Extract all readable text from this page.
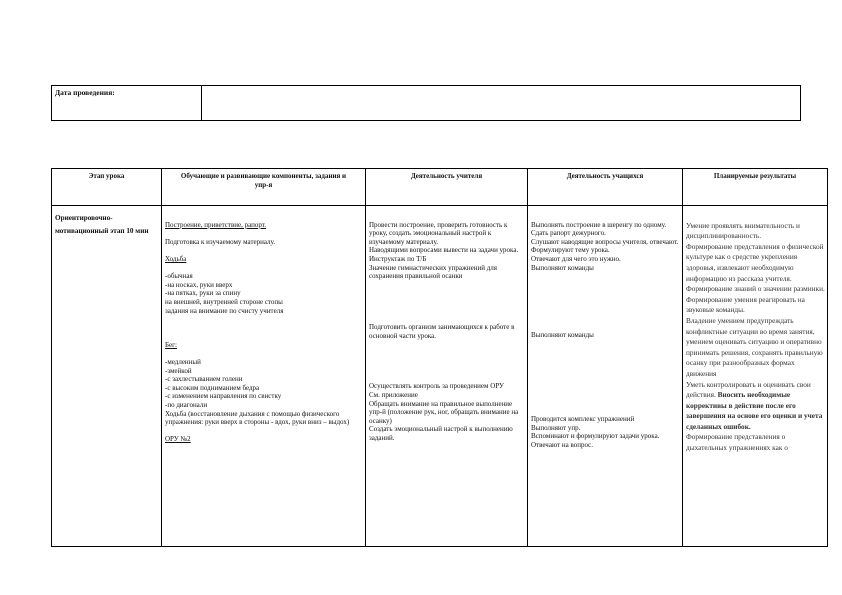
Дата проведения:
Этап урока
Ориентировочно-мотивационный этап 10 мин
Обучающие и развивающие компоненты, задания и упр-я

Построение, приветствие, рапорт.

Подготовка к изучаемому материалу.

Ходьба

-обычная
-на носках, руки вверх
-на пятках, руки за спину
на внешней, внутренней стороне стопы
задания на внимание по счисту учителя

Бег:

-медленный
-змейкой
-с захлестыванием голени
-с высоким подниманием бедра
-с изменением направления по свистку
-по диагонали
Ходьба (восстановление дыхания с помощью физического упражнения: руки вверх в стороны - вдох, руки вниз – выдох)

ОРУ №2

Деятельность учителя

Провести построение, проверить готовность к уроку, создать эмоциональный настрой к изучаемому материалу.
Наводящими вопросами вывести на задачи урока.
Инструктаж по Т/Б
Значение гимнастических упражнений для сохранения правильной осанки

Подготовить организм занимающихся к работе в основной части урока.

Осуществлять контроль за проведением ОРУ
См. приложение
Обращать внимание на правильное выполнение упр-й (положение рук, ног, обращать внимание на осанку)
Создать эмоциональный настрой к выполнению заданий.

Деятельность учащихся

Выполнять построение в шеренгу по одному. Сдать рапорт дежурного.
Слушают наводящие вопросы учителя, отвечают.
Формулируют тему урока.
Отвечают для чего это нужно.
Выполняют команды

Выполняют команды

Проводится комплекс упражнений
Выполняют упр.
Вспоминают и формулируют задачи урока. Отвечают на вопрос.

Планируемые результаты

Умение проявлять внимательность и дисциплинированность.
Формирование представления о физической культуре как о средстве укрепления здоровья, извлекают необходимую информацию из рассказа учителя.
Формирование знаний о значении разминки.
Формирование умения реагировать на звуковые команды.
Владение умением предупреждать конфликтные ситуации во время занятия, умением оценивать ситуацию и оперативно принимать решения, сохранять правильную осанку при разнообразных формах движения
Уметь контролировать и оценивать свои действия. Вносить необходимые коррективы в действие после его завершения на основе его оценки и учета сделанных ошибок.

Формирование представления о дыхательных упражнениях как о
